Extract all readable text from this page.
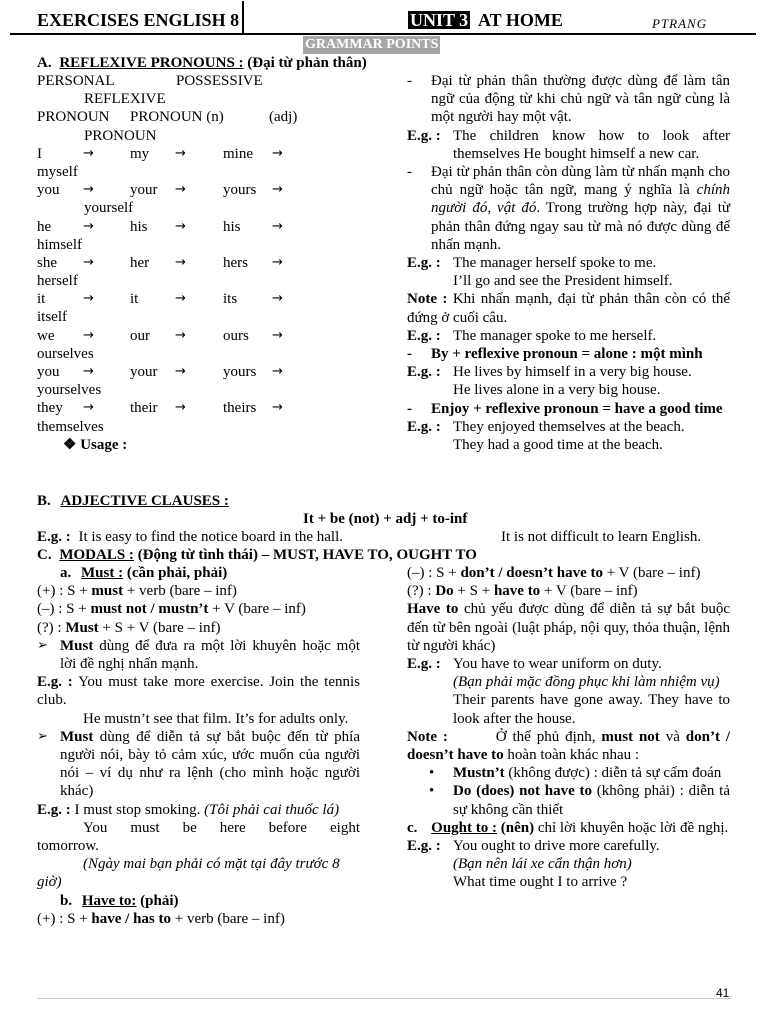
EXERCISES ENGLISH 8	UNIT 3 AT HOME	PTRANG
GRAMMAR POINTS
A. REFLEXIVE PRONOUNS : (Đại từ phản thân)
PERSONAL	POSSESSIVE
REFLEXIVE
PRONOUN PRONOUN (n)	(adj)
PRONOUN
I	→ my → mine →
myself
you → your → yours →
yourself
he → his → his →
himself
she → her → hers →
herself
it	→ it	→ its	→
itself
we → our → ours →
ourselves
you → your → yours →
yourselves
they → their → theirs →
themselves
❖ Usage :
- Đại từ phản thân thường được dùng để làm tân ngữ của động từ khi chủ ngữ và tân ngữ cùng là một người hay một vật.
E.g. : The children know how to look after themselves He bought himself a new car.
- Đại từ phản thân còn dùng làm từ nhấn mạnh cho chủ ngữ hoặc tân ngữ, mang ý nghĩa là chính người đó, vật đó. Trong trường hợp này, đại từ phản thân đứng ngay sau từ mà nó được dùng để nhấn mạnh.
E.g. : The manager herself spoke to me.
I’ll go and see the President himself.
Note : Khi nhấn mạnh, đại từ phản thân còn có thể đứng ở cuối câu.
E.g. : The manager spoke to me herself.
- By + reflexive pronoun = alone : một mình
E.g. : He lives by himself in a very big house.
He lives alone in a very big house.
- Enjoy + reflexive pronoun = have a good time
E.g. : They enjoyed themselves at the beach.
They had a good time at the beach.
B. ADJECTIVE CLAUSES :
It + be (not) + adj + to-inf
E.g. : It is easy to find the notice board in the hall.	It is not difficult to learn English.
C. MODALS : (Động từ tình thái) – MUST, HAVE TO, OUGHT TO
a. Must : (cần phải, phải)
(+) : S + must + verb (bare – inf)
(–) : S + must not / mustn’t + V (bare – inf)
(?) : Must + S + V (bare – inf)
➢ Must dùng để đưa ra một lời khuyên hoặc một lời đề nghị nhấn mạnh.
E.g. : You must take more exercise. Join the tennis club.
He mustn’t see that film. It’s for adults only.
➢ Must dùng để diễn tả sự bắt buộc đến từ phía người nói, bày tỏ cảm xúc, ước muốn của người nói – ví dụ như ra lệnh (cho mình hoặc người khác)
E.g. : I must stop smoking. (Tôi phải cai thuốc lá)
You must be here before eight tomorrow.
(Ngày mai bạn phải có mặt tại đây trước 8 giờ)
b. Have to: (phải)
(+) : S + have / has to + verb (bare – inf)
(–) : S + don’t / doesn’t have to + V (bare – inf)
(?) : Do + S + have to + V (bare – inf)
Have to chủ yếu được dùng để diễn tả sự bắt buộc đến từ bên ngoài (luật pháp, nội quy, thỏa thuận, lệnh từ người khác)
E.g. : You have to wear uniform on duty.
(Bạn phải mặc đồng phục khi làm nhiệm vụ)
Their parents have gone away. They have to look after the house.
Note :	Ở thể phủ định, must not và don’t / doesn’t have to hoàn toàn khác nhau :
• Mustn’t (không được) : diễn tả sự cấm đoán
• Do (does) not have to (không phải) : diễn tả sự không cần thiết
c. Ought to : (nên) chỉ lời khuyên hoặc lời đề nghị.
E.g. : You ought to drive more carefully.
(Bạn nên lái xe cẩn thận hơn)
What time ought I to arrive ?
41
